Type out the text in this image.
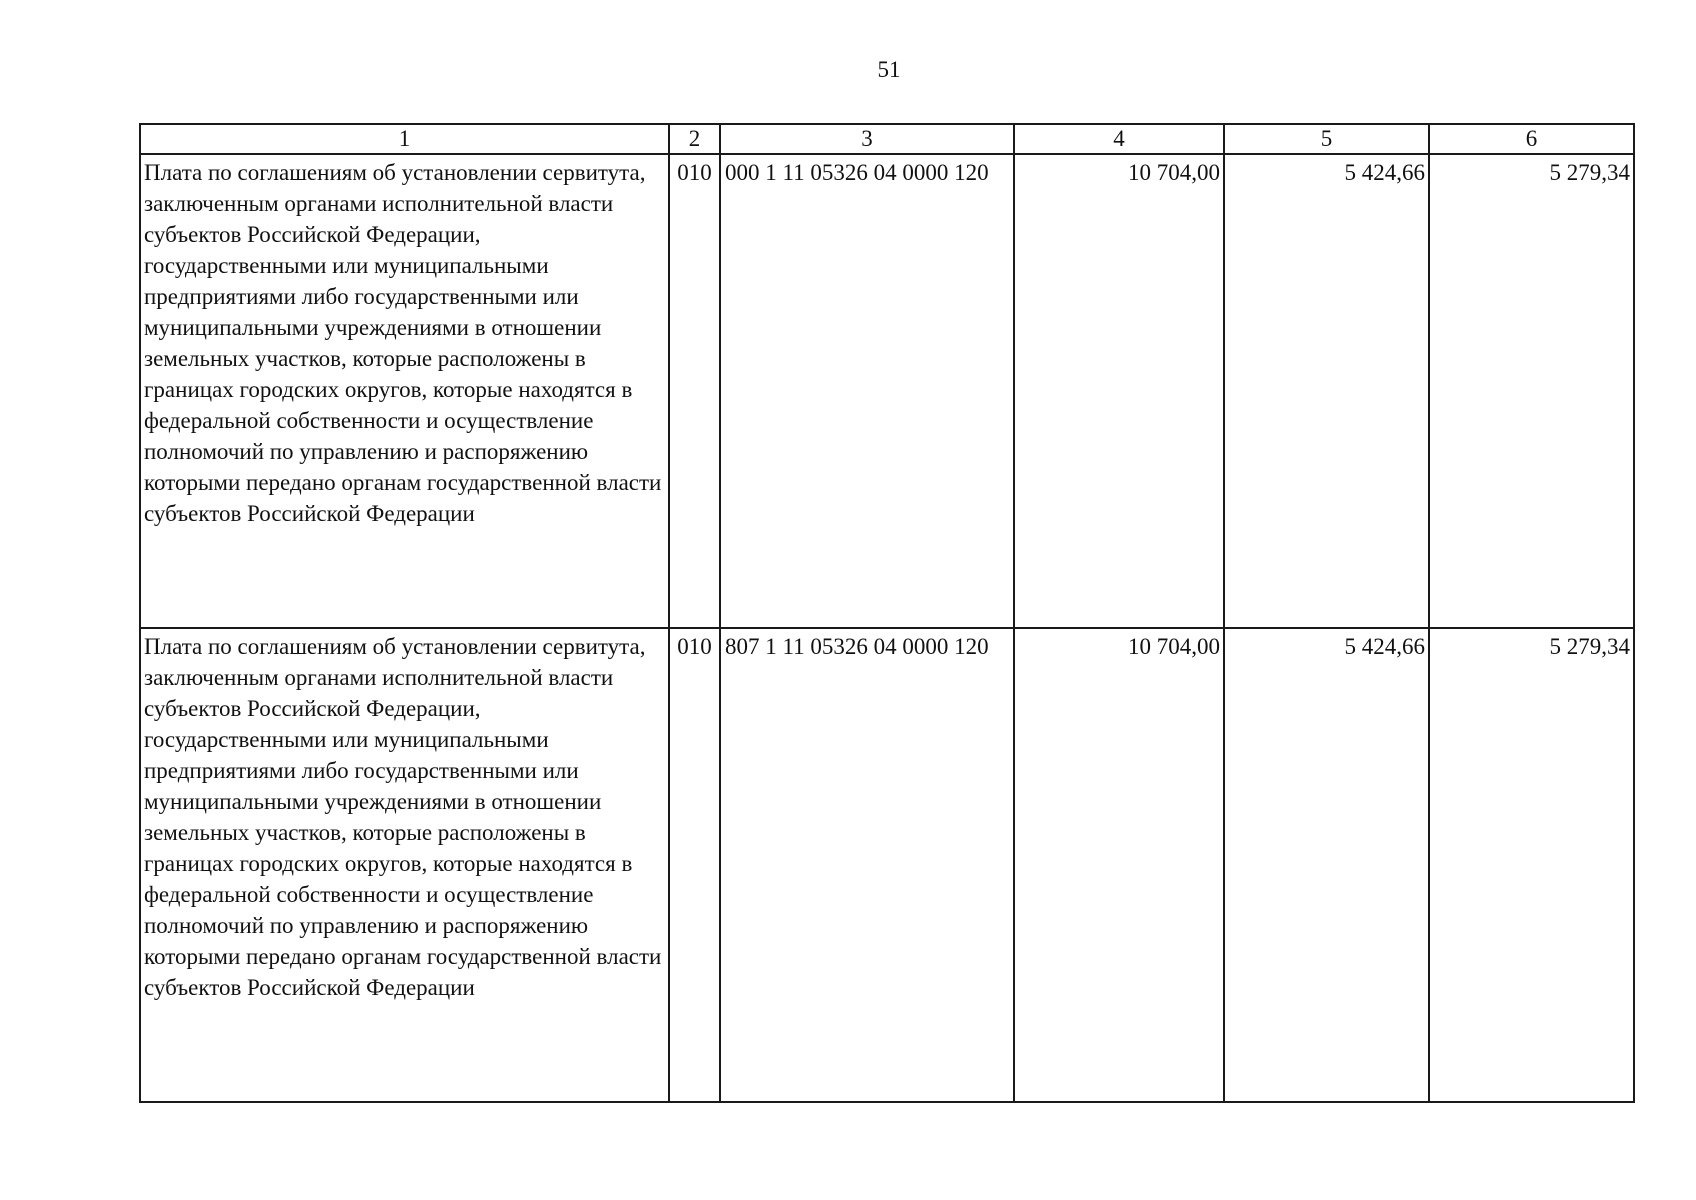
51
1	2	3	4	5	6
Плата по соглашениям об установлении сервитута, заключенным органами исполнительной власти субъектов Российской Федерации, государственными или муниципальными предприятиями либо государственными или муниципальными учреждениями в отношении земельных участков, которые расположены в границах городских округов, которые находятся в федеральной собственности и осуществление полномочий по управлению и распоряжению которыми передано органам государственной власти субъектов Российской Федерации	010	000 1 11 05326 04 0000 120	10 704,00	5 424,66	5 279,34
Плата по соглашениям об установлении сервитута, заключенным органами исполнительной власти субъектов Российской Федерации, государственными или муниципальными предприятиями либо государственными или муниципальными учреждениями в отношении земельных участков, которые расположены в границах городских округов, которые находятся в федеральной собственности и осуществление полномочий по управлению и распоряжению которыми передано органам государственной власти субъектов Российской Федерации	010	807 1 11 05326 04 0000 120	10 704,00	5 424,66	5 279,34
